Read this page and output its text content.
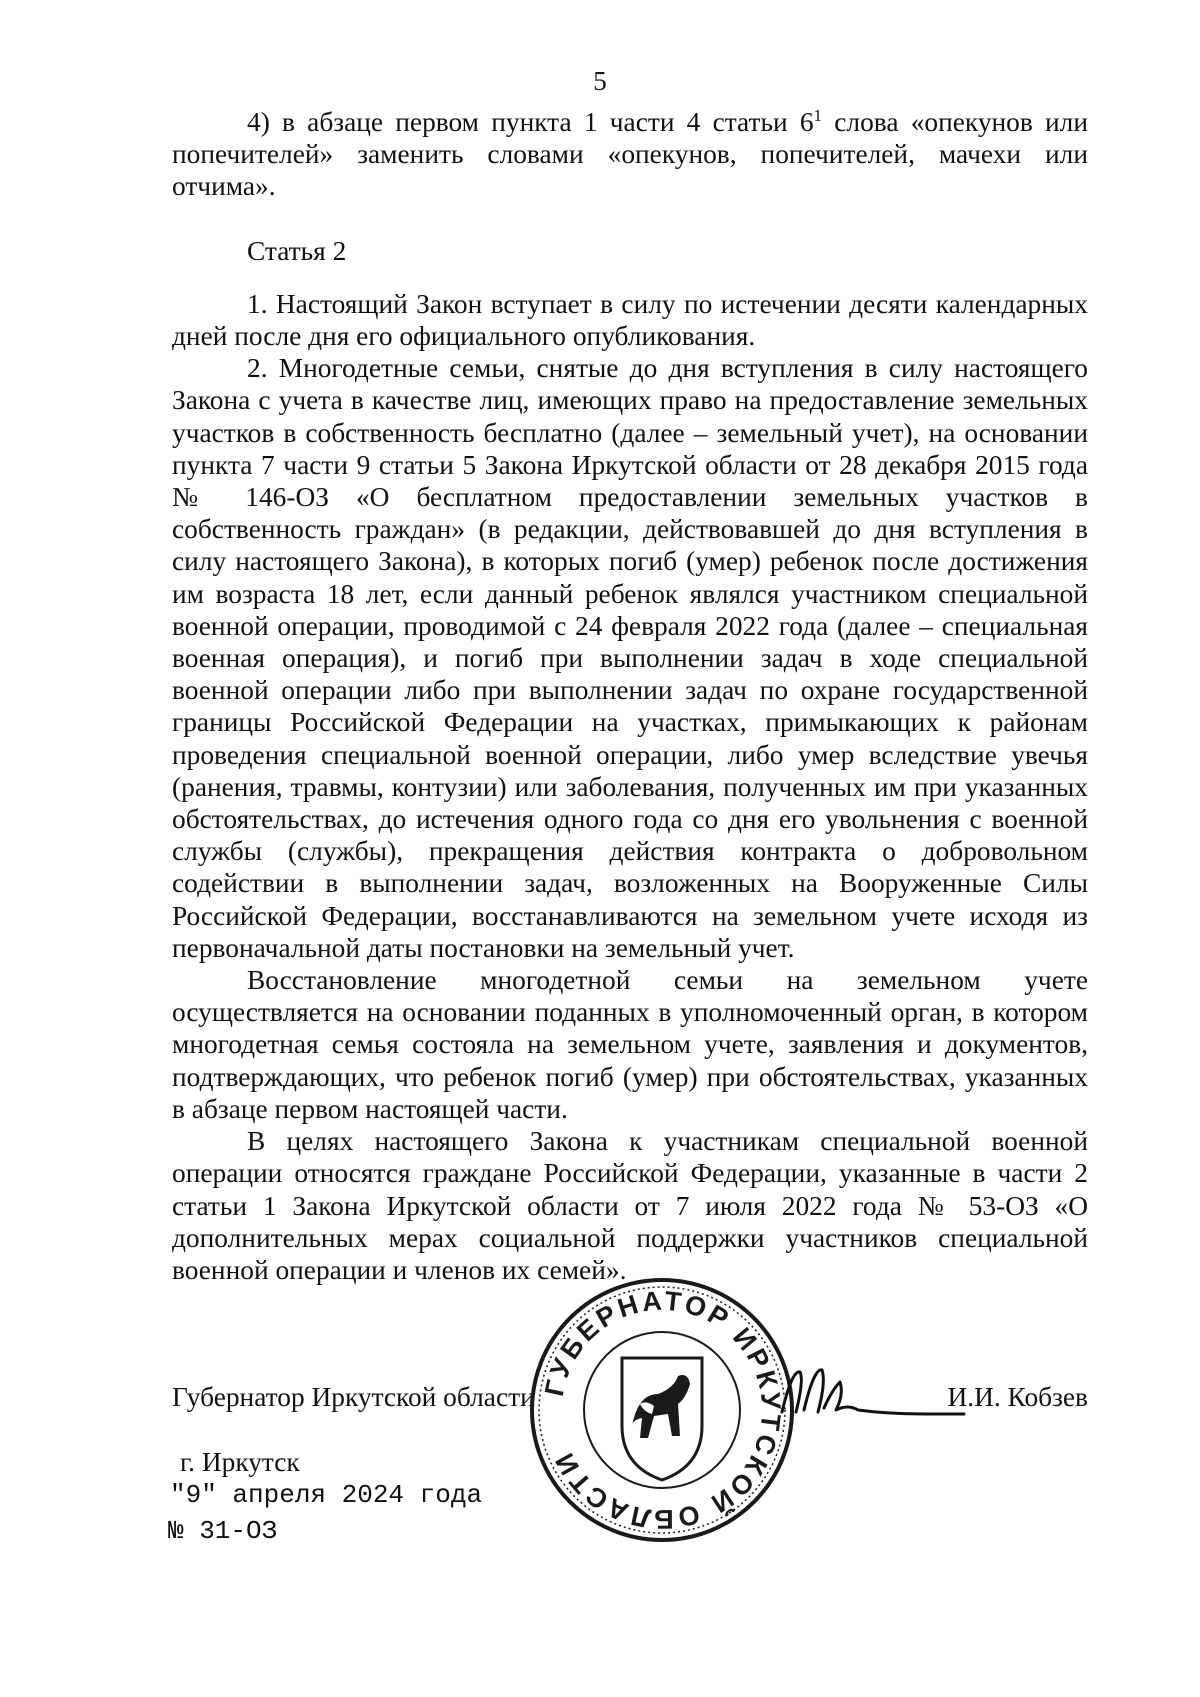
5

4) в абзаце первом пункта 1 части 4 статьи $6^1$ слова «опекунов или попечителей» заменить словами «опекунов, попечителей, мачехи или отчима».

Статья 2

1. Настоящий Закон вступает в силу по истечении десяти календарных дней после дня его официального опубликования.

2. Многодетные семьи, снятые до дня вступления в силу настоящего Закона с учета в качестве лиц, имеющих право на предоставление земельных участков в собственность бесплатно (далее – земельный учет), на основании пункта 7 части 9 статьи 5 Закона Иркутской области от 28 декабря 2015 года № 146-ОЗ «О бесплатном предоставлении земельных участков в собственность граждан» (в редакции, действовавшей до дня вступления в силу настоящего Закона), в которых погиб (умер) ребенок после достижения им возраста 18 лет, если данный ребенок являлся участником специальной военной операции, проводимой с 24 февраля 2022 года (далее – специальная военная операция), и погиб при выполнении задач в ходе специальной военной операции либо при выполнении задач по охране государственной границы Российской Федерации на участках, примыкающих к районам проведения специальной военной операции, либо умер вследствие увечья (ранения, травмы, контузии) или заболевания, полученных им при указанных обстоятельствах, до истечения одного года со дня его увольнения с военной службы (службы), прекращения действия контракта о добровольном содействии в выполнении задач, возложенных на Вооруженные Силы Российской Федерации, восстанавливаются на земельном учете исходя из первоначальной даты постановки на земельный учет.

Восстановление многодетной семьи на земельном учете осуществляется на основании поданных в уполномоченный орган, в котором многодетная семья состояла на земельном учете, заявления и документов, подтверждающих, что ребенок погиб (умер) при обстоятельствах, указанных в абзаце первом настоящей части.

В целях настоящего Закона к участникам специальной военной операции относятся граждане Российской Федерации, указанные в части 2 статьи 1 Закона Иркутской области от 7 июля 2022 года № 53-ОЗ «О дополнительных мерах социальной поддержки участников специальной военной операции и членов их семей».

Губернатор Иркутской области	И.И. Кобзев
ГУБЕРНАТОР ИРКУТСКОЙ ОБЛАСТИ
г. Иркутск
"9" апреля 2024 года
№ 31-ОЗ
